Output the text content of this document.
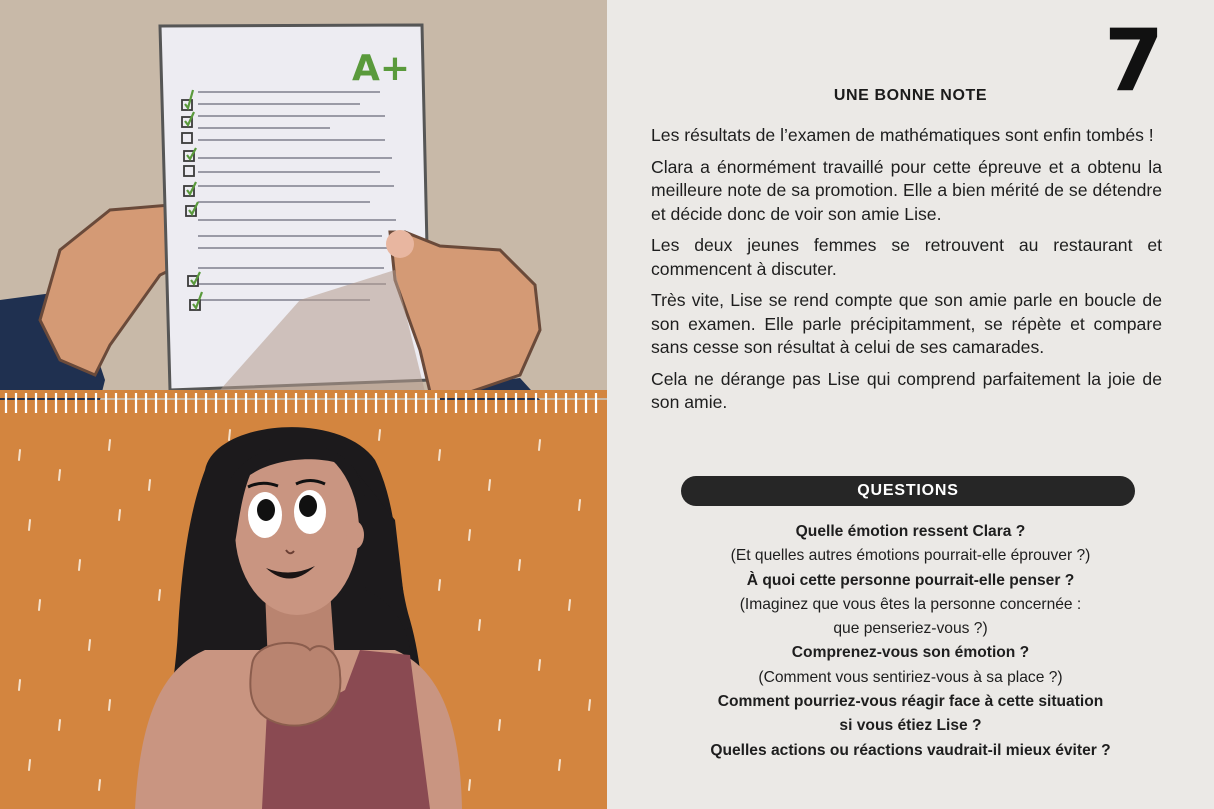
A+	7
UNE BONNE NOTE

Les résultats de l’examen de mathématiques sont enfin tombés !

Clara a énormément travaillé pour cette épreuve et a obtenu la meilleure note de sa promotion. Elle a bien mérité de se détendre et décide donc de voir son amie Lise.

Les deux jeunes femmes se retrouvent au restaurant et commencent à discuter.

Très vite, Lise se rend compte que son amie parle en boucle de son examen. Elle parle précipitamment, se répète et compare sans cesse son résultat à celui de ses camarades.

Cela ne dérange pas Lise qui comprend parfaitement la joie de son amie.

QUESTIONS
Quelle émotion ressent Clara ?
(Et quelles autres émotions pourrait-elle éprouver ?)
À quoi cette personne pourrait-elle penser ?
(Imaginez que vous êtes la personne concernée :
que penseriez-vous ?)
Comprenez-vous son émotion ?
(Comment vous sentiriez-vous à sa place ?)
Comment pourriez-vous réagir face à cette situation
si vous étiez Lise ?
Quelles actions ou réactions vaudrait-il mieux éviter ?
